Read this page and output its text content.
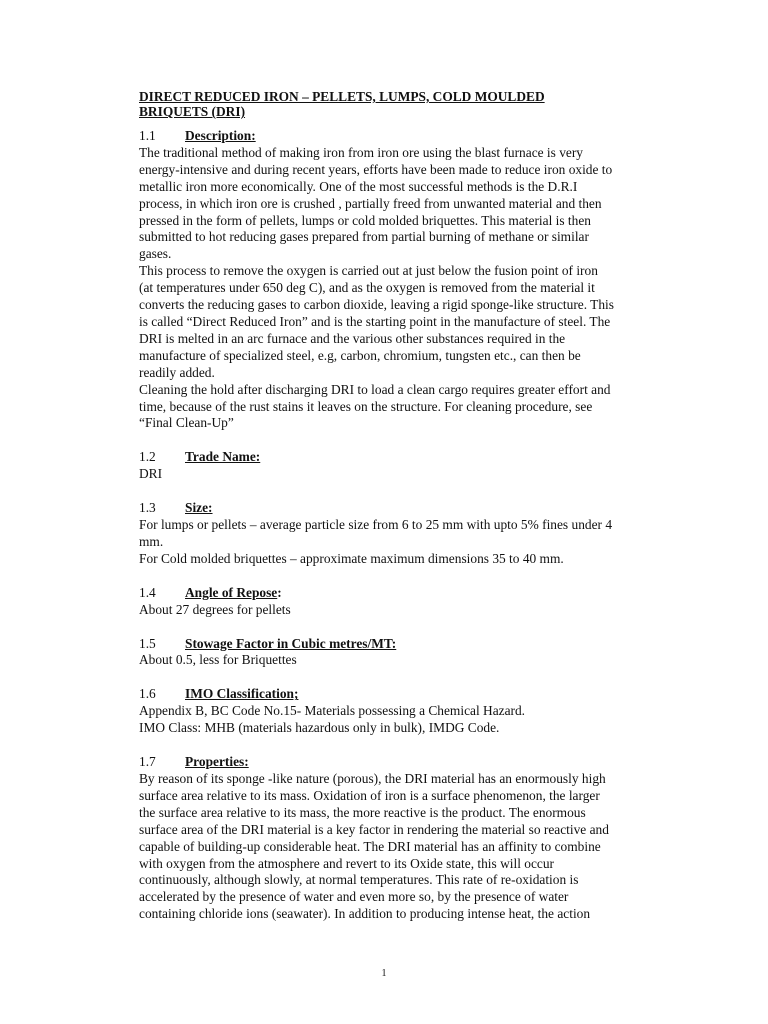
DIRECT REDUCED IRON – PELLETS, LUMPS, COLD MOULDED BRIQUETS (DRI)
1.1	Description:

The traditional method of making iron from iron ore using the blast furnace is very energy-intensive and during recent years, efforts have been made to reduce iron oxide to metallic iron more economically. One of the most successful methods is the D.R.I process, in which iron ore is crushed , partially freed from unwanted material and then pressed in the form of pellets, lumps or cold molded briquettes. This material is then submitted to hot reducing gases prepared from partial burning of methane or similar gases.

This process to remove the oxygen is carried out at just below the fusion point of iron (at temperatures under 650 deg C), and as the oxygen is removed from the material it converts the reducing gases to carbon dioxide, leaving a rigid sponge-like structure. This is called “Direct Reduced Iron” and is the starting point in the manufacture of steel. The DRI is melted in an arc furnace and the various other substances required in the manufacture of specialized steel, e.g, carbon, chromium, tungsten etc., can then be readily added.

Cleaning the hold after discharging DRI to load a clean cargo requires greater effort and time, because of the rust stains it leaves on the structure. For cleaning procedure, see “Final Clean-Up”

1.2	Trade Name:

DRI

1.3	Size:

For lumps or pellets – average particle size from 6 to 25 mm with upto 5% fines under 4 mm.

For Cold molded briquettes – approximate maximum dimensions 35 to 40 mm.

1.4	Angle of Repose:

About 27 degrees for pellets

1.5	Stowage Factor in Cubic metres/MT:

About 0.5, less for Briquettes

1.6	IMO Classification;

Appendix B, BC Code No.15- Materials possessing a Chemical Hazard.

IMO Class: MHB (materials hazardous only in bulk), IMDG Code.

1.7	Properties:

By reason of its sponge -like nature (porous), the DRI material has an enormously high surface area relative to its mass. Oxidation of iron is a surface phenomenon, the larger the surface area relative to its mass, the more reactive is the product. The enormous surface area of the DRI material is a key factor in rendering the material so reactive and capable of building-up considerable heat. The DRI material has an affinity to combine with oxygen from the atmosphere and revert to its Oxide state, this will occur continuously, although slowly, at normal temperatures. This rate of re-oxidation is accelerated by the presence of water and even more so, by the presence of water containing chloride ions (seawater). In addition to producing intense heat, the action

1
